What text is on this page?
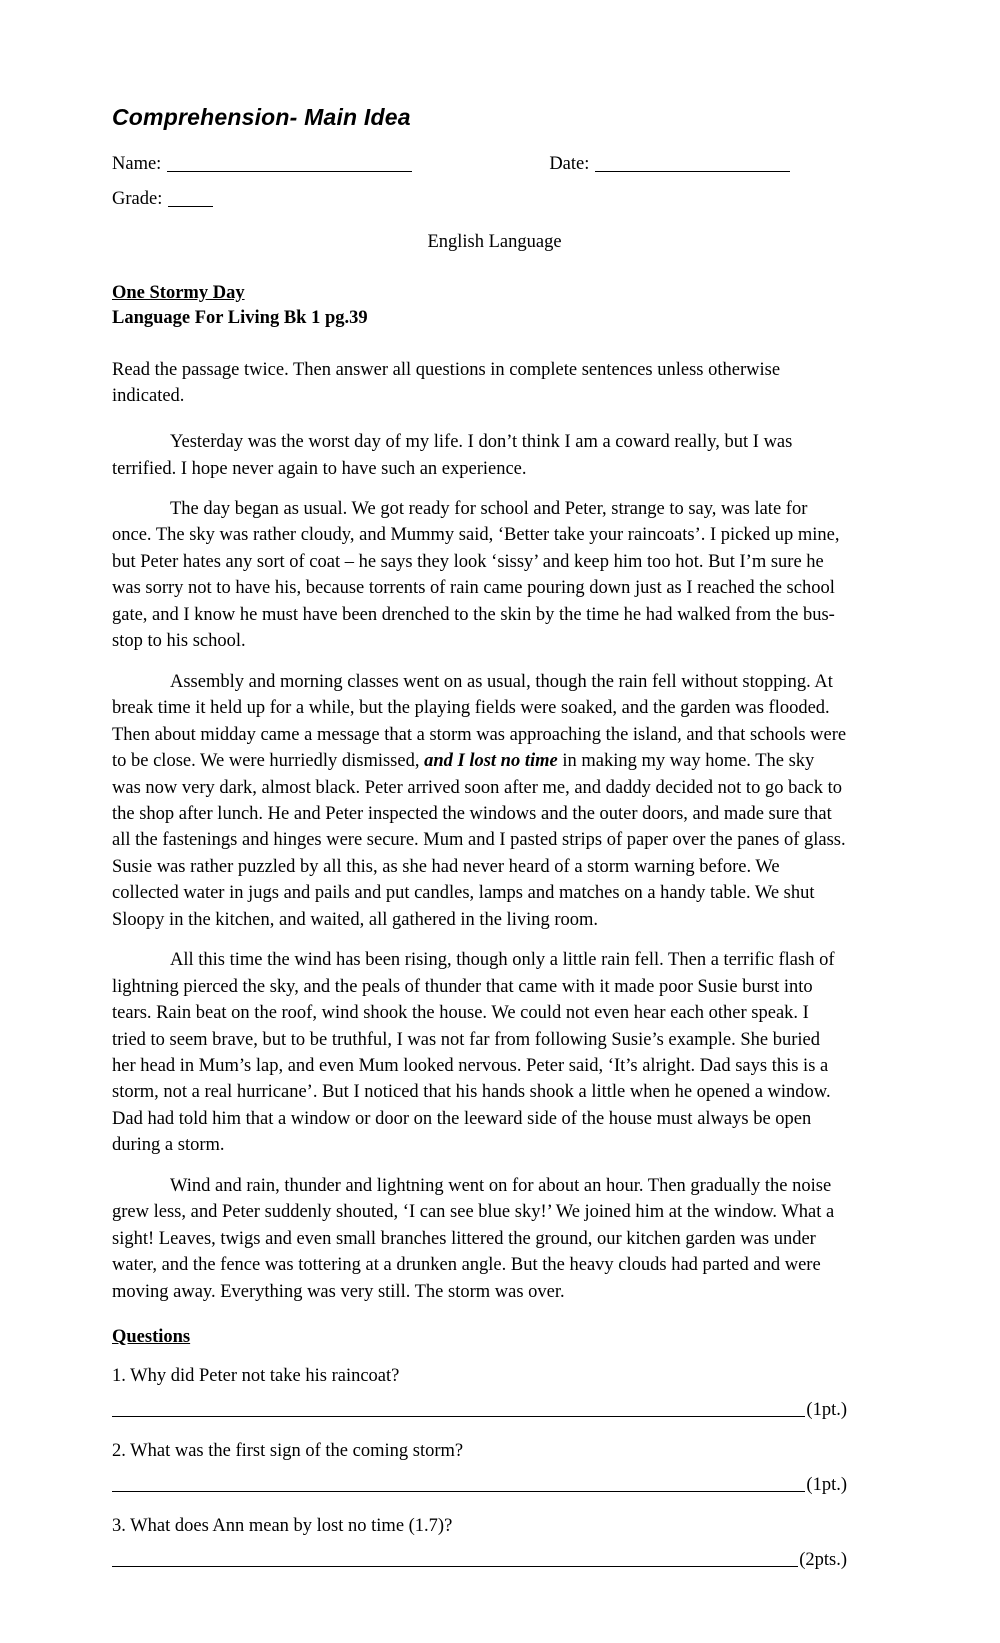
Comprehension- Main Idea
Name:	Date:
Grade:
English Language
One Stormy Day
Language For Living Bk 1 pg.39
Read the passage twice. Then answer all questions in complete sentences unless otherwise indicated.

Yesterday was the worst day of my life. I don’t think I am a coward really, but I was terrified. I hope never again to have such an experience.

The day began as usual. We got ready for school and Peter, strange to say, was late for once. The sky was rather cloudy, and Mummy said, ‘Better take your raincoats’. I picked up mine, but Peter hates any sort of coat – he says they look ‘sissy’ and keep him too hot. But I’m sure he was sorry not to have his, because torrents of rain came pouring down just as I reached the school gate, and I know he must have been drenched to the skin by the time he had walked from the bus-stop to his school.

Assembly and morning classes went on as usual, though the rain fell without stopping. At break time it held up for a while, but the playing fields were soaked, and the garden was flooded. Then about midday came a message that a storm was approaching the island, and that schools were to be close. We were hurriedly dismissed, and I lost no time in making my way home. The sky was now very dark, almost black. Peter arrived soon after me, and daddy decided not to go back to the shop after lunch. He and Peter inspected the windows and the outer doors, and made sure that all the fastenings and hinges were secure. Mum and I pasted strips of paper over the panes of glass. Susie was rather puzzled by all this, as she had never heard of a storm warning before. We collected water in jugs and pails and put candles, lamps and matches on a handy table. We shut Sloopy in the kitchen, and waited, all gathered in the living room.

All this time the wind has been rising, though only a little rain fell. Then a terrific flash of lightning pierced the sky, and the peals of thunder that came with it made poor Susie burst into tears. Rain beat on the roof, wind shook the house. We could not even hear each other speak. I tried to seem brave, but to be truthful, I was not far from following Susie’s example. She buried her head in Mum’s lap, and even Mum looked nervous. Peter said, ‘It’s alright. Dad says this is a storm, not a real hurricane’. But I noticed that his hands shook a little when he opened a window. Dad had told him that a window or door on the leeward side of the house must always be open during a storm.

Wind and rain, thunder and lightning went on for about an hour. Then gradually the noise grew less, and Peter suddenly shouted, ‘I can see blue sky!’ We joined him at the window. What a sight! Leaves, twigs and even small branches littered the ground, our kitchen garden was under water, and the fence was tottering at a drunken angle. But the heavy clouds had parted and were moving away. Everything was very still. The storm was over.

Questions
1. Why did Peter not take his raincoat?
(1pt.)
2. What was the first sign of the coming storm?
(1pt.)
3. What does Ann mean by lost no time (1.7)?
(2pts.)
